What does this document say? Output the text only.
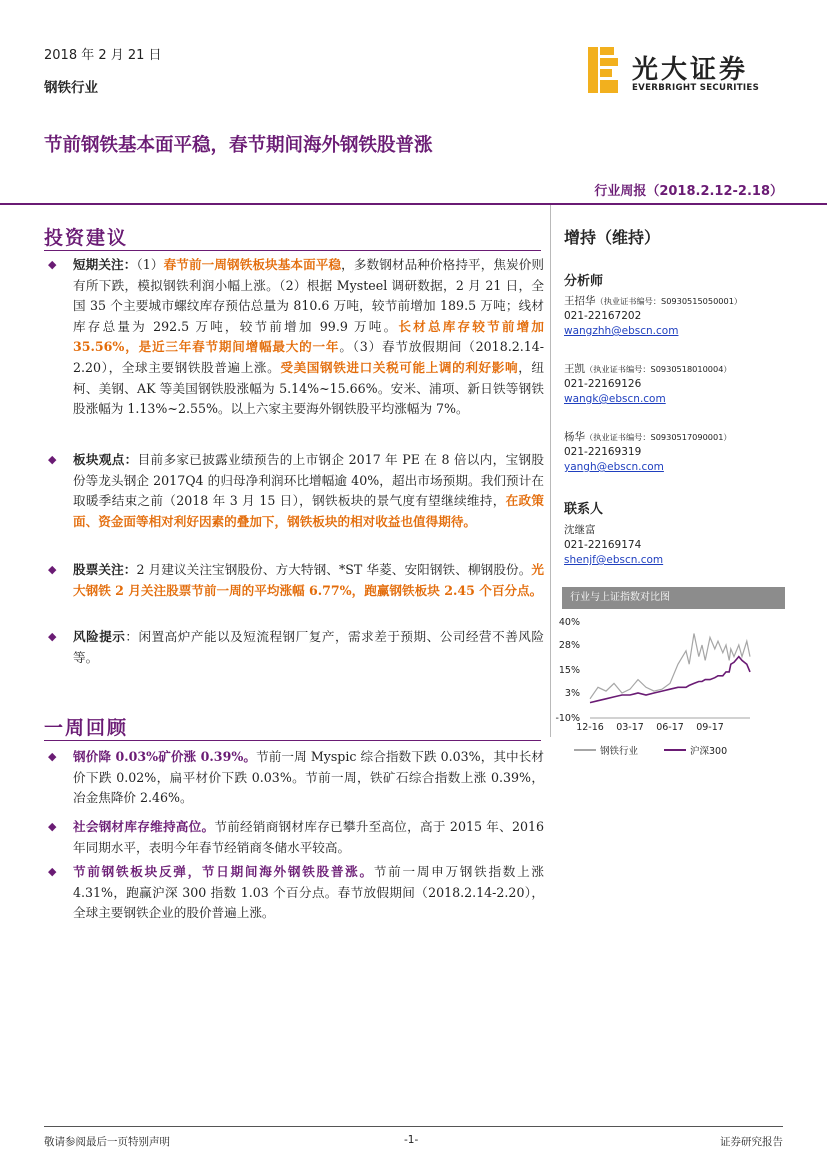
2018 年 2 月 21 日
钢铁行业
光大证券
EVERBRIGHT SECURITIES
节前钢铁基本面平稳，春节期间海外钢铁股普涨
行业周报（2018.2.12-2.18）
投资建议
◆ 短期关注：（1）春节前一周钢铁板块基本面平稳，多数钢材品种价格持平，焦炭价则有所下跌，模拟钢铁利润小幅上涨。（2）根据 Mysteel 调研数据，2 月 21 日，全国 35 个主要城市螺纹库存预估总量为 810.6 万吨，较节前增加 189.5 万吨；线材库存总量为 292.5 万吨，较节前增加 99.9 万吨。长材总库存较节前增加 35.56%，是近三年春节期间增幅最大的一年。（3）春节放假期间（2018.2.14-2.20），全球主要钢铁股普遍上涨。受美国钢铁进口关税可能上调的利好影响，纽柯、美钢、AK 等美国钢铁股涨幅为 5.14%~15.66%。安米、浦项、新日铁等钢铁股涨幅为 1.13%~2.55%。以上六家主要海外钢铁股平均涨幅为 7%。
◆ 板块观点：目前多家已披露业绩预告的上市钢企 2017 年 PE 在 8 倍以内，宝钢股份等龙头钢企 2017Q4 的归母净利润环比增幅逾 40%，超出市场预期。我们预计在取暖季结束之前（2018 年 3 月 15 日），钢铁板块的景气度有望继续维持，在政策面、资金面等相对利好因素的叠加下，钢铁板块的相对收益也值得期待。
◆ 股票关注：2 月建议关注宝钢股份、方大特钢、*ST 华菱、安阳钢铁、柳钢股份。光大钢铁 2 月关注股票节前一周的平均涨幅 6.77%，跑赢钢铁板块 2.45 个百分点。
◆ 风险提示：闲置高炉产能以及短流程钢厂复产，需求差于预期、公司经营不善风险等。
一周回顾
◆ 钢价降 0.03%矿价涨 0.39%。节前一周 Myspic 综合指数下跌 0.03%，其中长材价下跌 0.02%，扁平材价下跌 0.03%。节前一周，铁矿石综合指数上涨 0.39%，冶金焦降价 2.46%。
◆ 社会钢材库存维持高位。节前经销商钢材库存已攀升至高位，高于 2015 年、2016 年同期水平，表明今年春节经销商冬储水平较高。
◆ 节前钢铁板块反弹，节日期间海外钢铁股普涨。节前一周申万钢铁指数上涨 4.31%，跑赢沪深 300 指数 1.03 个百分点。春节放假期间（2018.2.14-2.20），全球主要钢铁企业的股价普遍上涨。
增持（维持）
分析师
王招华（执业证书编号：S0930515050001）
021-22167202
wangzhh@ebscn.com
王凯（执业证书编号：S0930518010004）
021-22169126
wangk@ebscn.com
杨华（执业证书编号：S0930517090001）
021-22169319
yangh@ebscn.com
联系人
沈继富
021-22169174
shenjf@ebscn.com
行业与上证指数对比图
40%
28%
15%
3%
-10%
12-16 03-17 06-17 09-17
钢铁行业	沪深300
敬请参阅最后一页特别声明	-1-	证券研究报告
